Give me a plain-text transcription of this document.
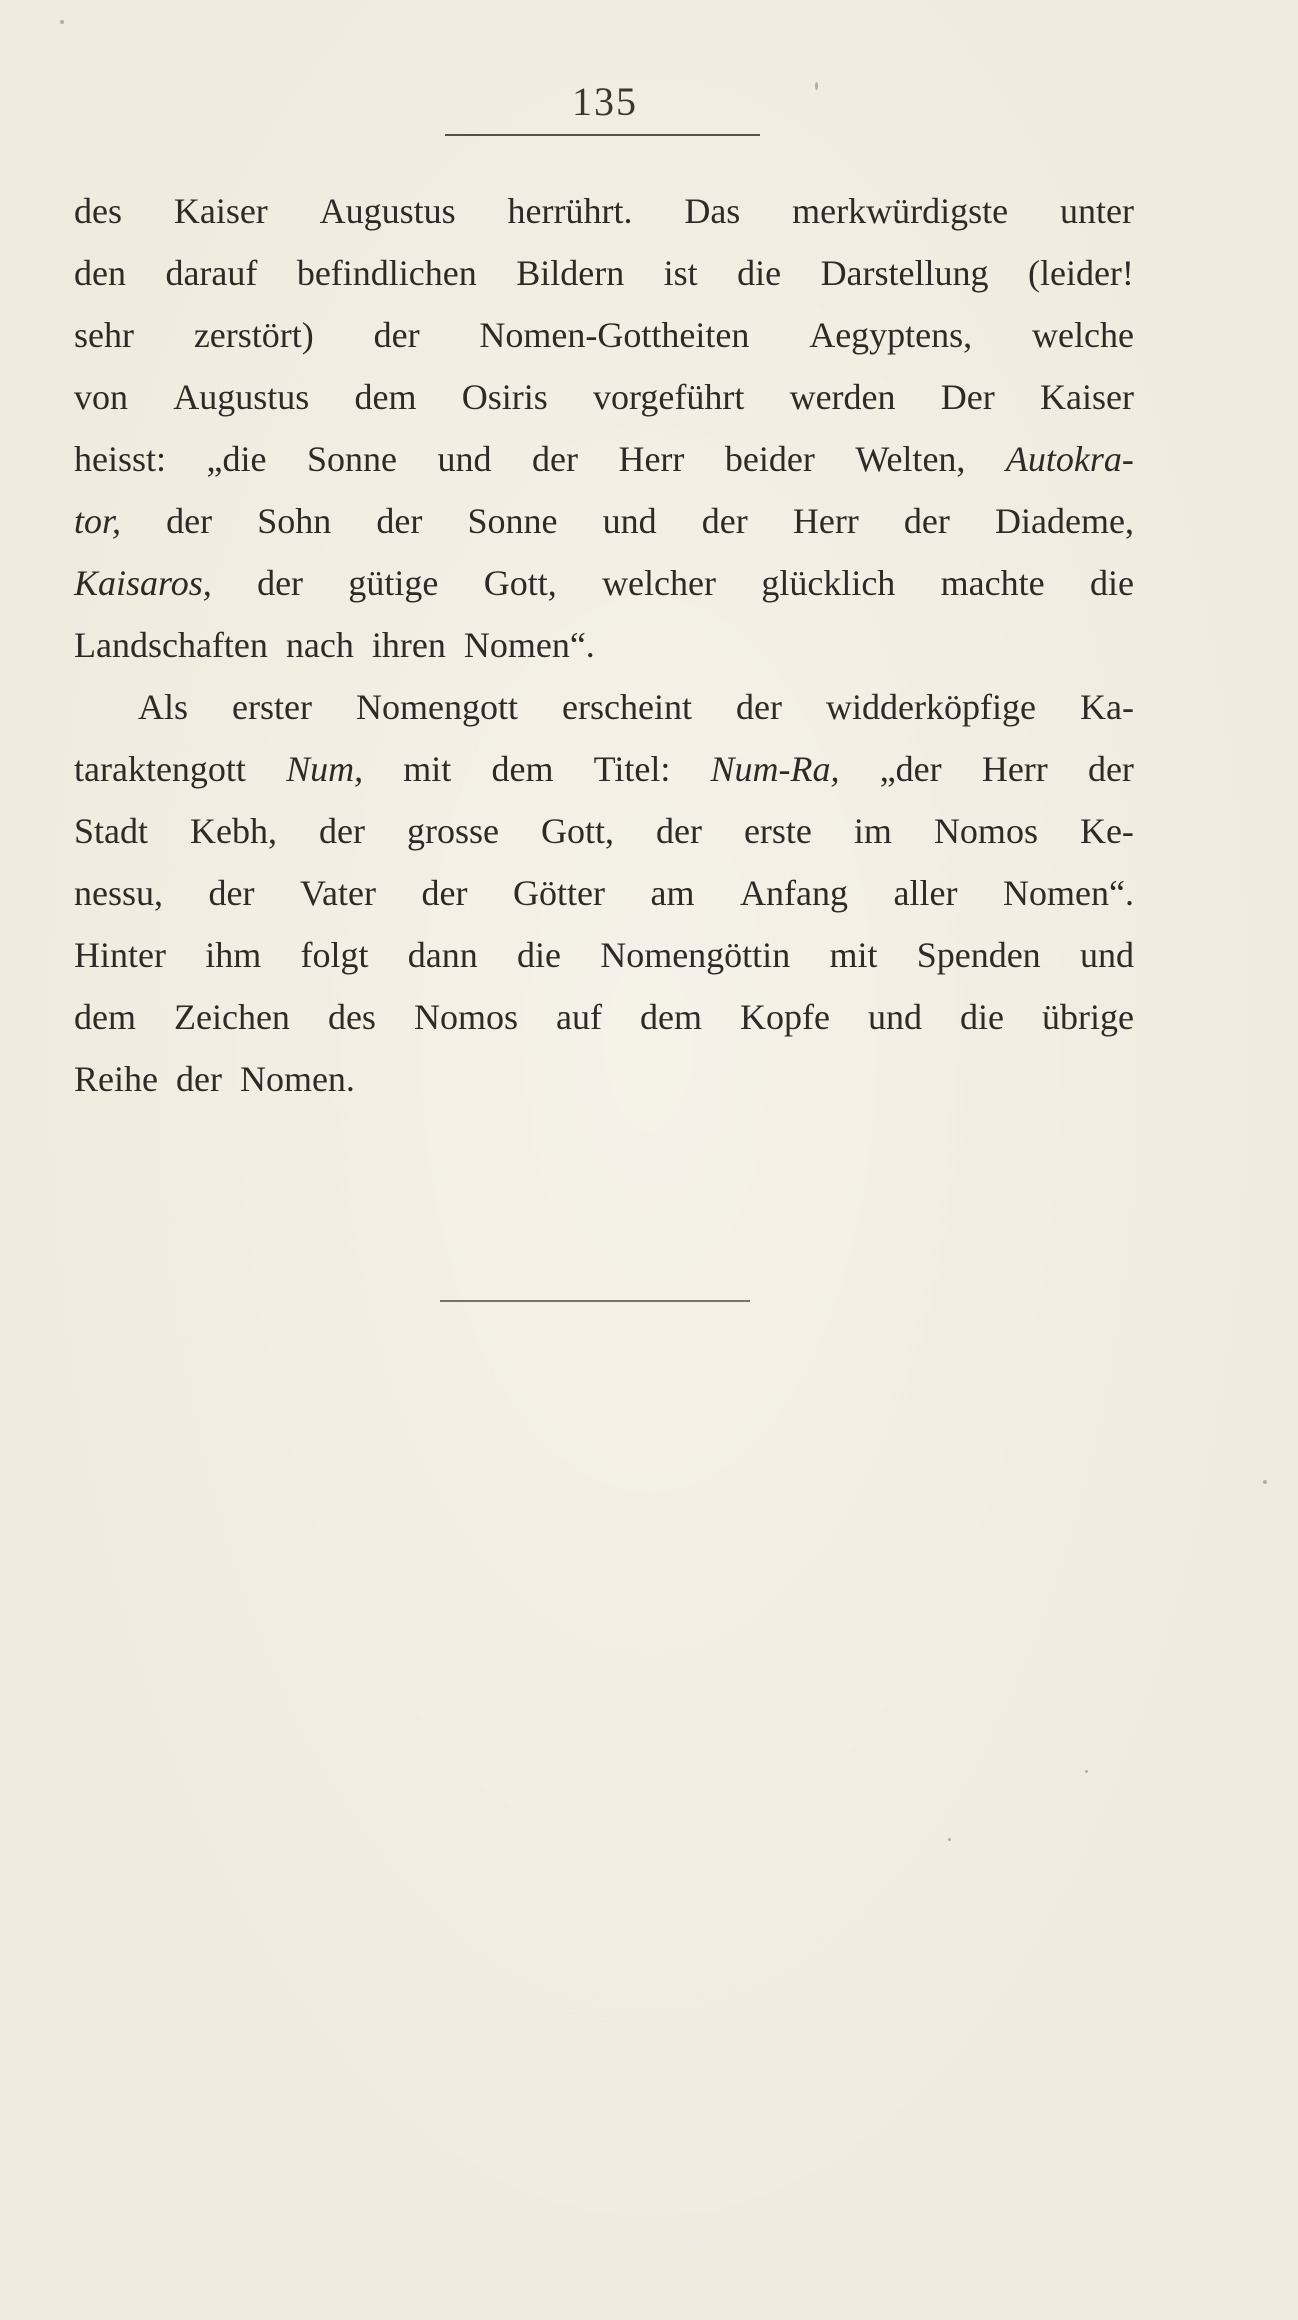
135
des Kaiser Augustus herrührt. Das merkwürdigste unter
den darauf befindlichen Bildern ist die Darstellung (leider!
sehr zerstört) der Nomen-Gottheiten Aegyptens, welche
von Augustus dem Osiris vorgeführt werden Der Kaiser
heisst: „die Sonne und der Herr beider Welten, Autokra-
tor, der Sohn der Sonne und der Herr der Diademe,
Kaisaros, der gütige Gott, welcher glücklich machte die
Landschaften nach ihren Nomen“.
Als erster Nomengott erscheint der widderköpfige Ka-
taraktengott Num, mit dem Titel: Num-Ra, „der Herr der
Stadt Kebh, der grosse Gott, der erste im Nomos Ke-
nessu, der Vater der Götter am Anfang aller Nomen“.
Hinter ihm folgt dann die Nomengöttin mit Spenden und
dem Zeichen des Nomos auf dem Kopfe und die übrige
Reihe der Nomen.
